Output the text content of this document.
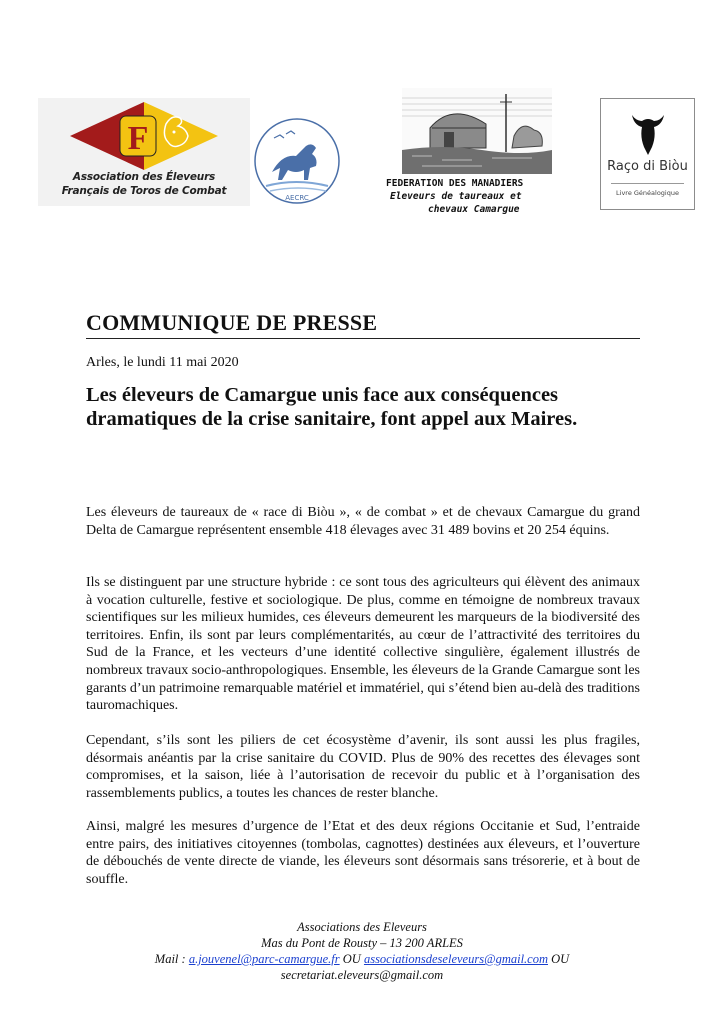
F
Association des Éleveurs
Français de Toros de Combat
AECRC
FEDERATION DES MANADIERS
Eleveurs de taureaux et
chevaux Camargue
Raço di Biòu
Livre Généalogique
COMMUNIQUE DE PRESSE
Arles, le lundi 11 mai 2020
Les éleveurs de Camargue unis face aux conséquences dramatiques de la crise sanitaire, font appel aux Maires.
Les éleveurs de taureaux de « race di Biòu », « de combat » et de chevaux Camargue du grand Delta de Camargue représentent ensemble 418 élevages avec 31 489 bovins et 20 254 équins.
Ils se distinguent par une structure hybride : ce sont tous des agriculteurs qui élèvent des animaux à vocation culturelle, festive et sociologique. De plus, comme en témoigne de nombreux travaux scientifiques sur les milieux humides, ces éleveurs demeurent les marqueurs de la biodiversité des territoires. Enfin, ils sont par leurs complémentarités, au cœur de l’attractivité des territoires du Sud de la France, et les vecteurs d’une identité collective singulière, également illustrés de nombreux travaux socio-anthropologiques. Ensemble, les éleveurs de la Grande Camargue sont les garants d’un patrimoine remarquable matériel et immatériel, qui s’étend bien au-delà des traditions tauromachiques.
Cependant, s’ils sont les piliers de cet écosystème d’avenir, ils sont aussi les plus fragiles, désormais anéantis par la crise sanitaire du COVID. Plus de 90% des recettes des élevages sont compromises, et la saison, liée à l’autorisation de recevoir du public et à l’organisation des rassemblements publics, a toutes les chances de rester blanche.
Ainsi, malgré les mesures d’urgence de l’Etat et des deux régions Occitanie et Sud, l’entraide entre pairs, des initiatives citoyennes (tombolas, cagnottes) destinées aux éleveurs, et l’ouverture de débouchés de vente directe de viande, les éleveurs sont désormais sans trésorerie, et à bout de souffle.
Associations des Eleveurs
Mas du Pont de Rousty – 13 200 ARLES
Mail : a.jouvenel@parc-camargue.fr OU associationsdeseleveurs@gmail.com OU
secretariat.eleveurs@gmail.com
